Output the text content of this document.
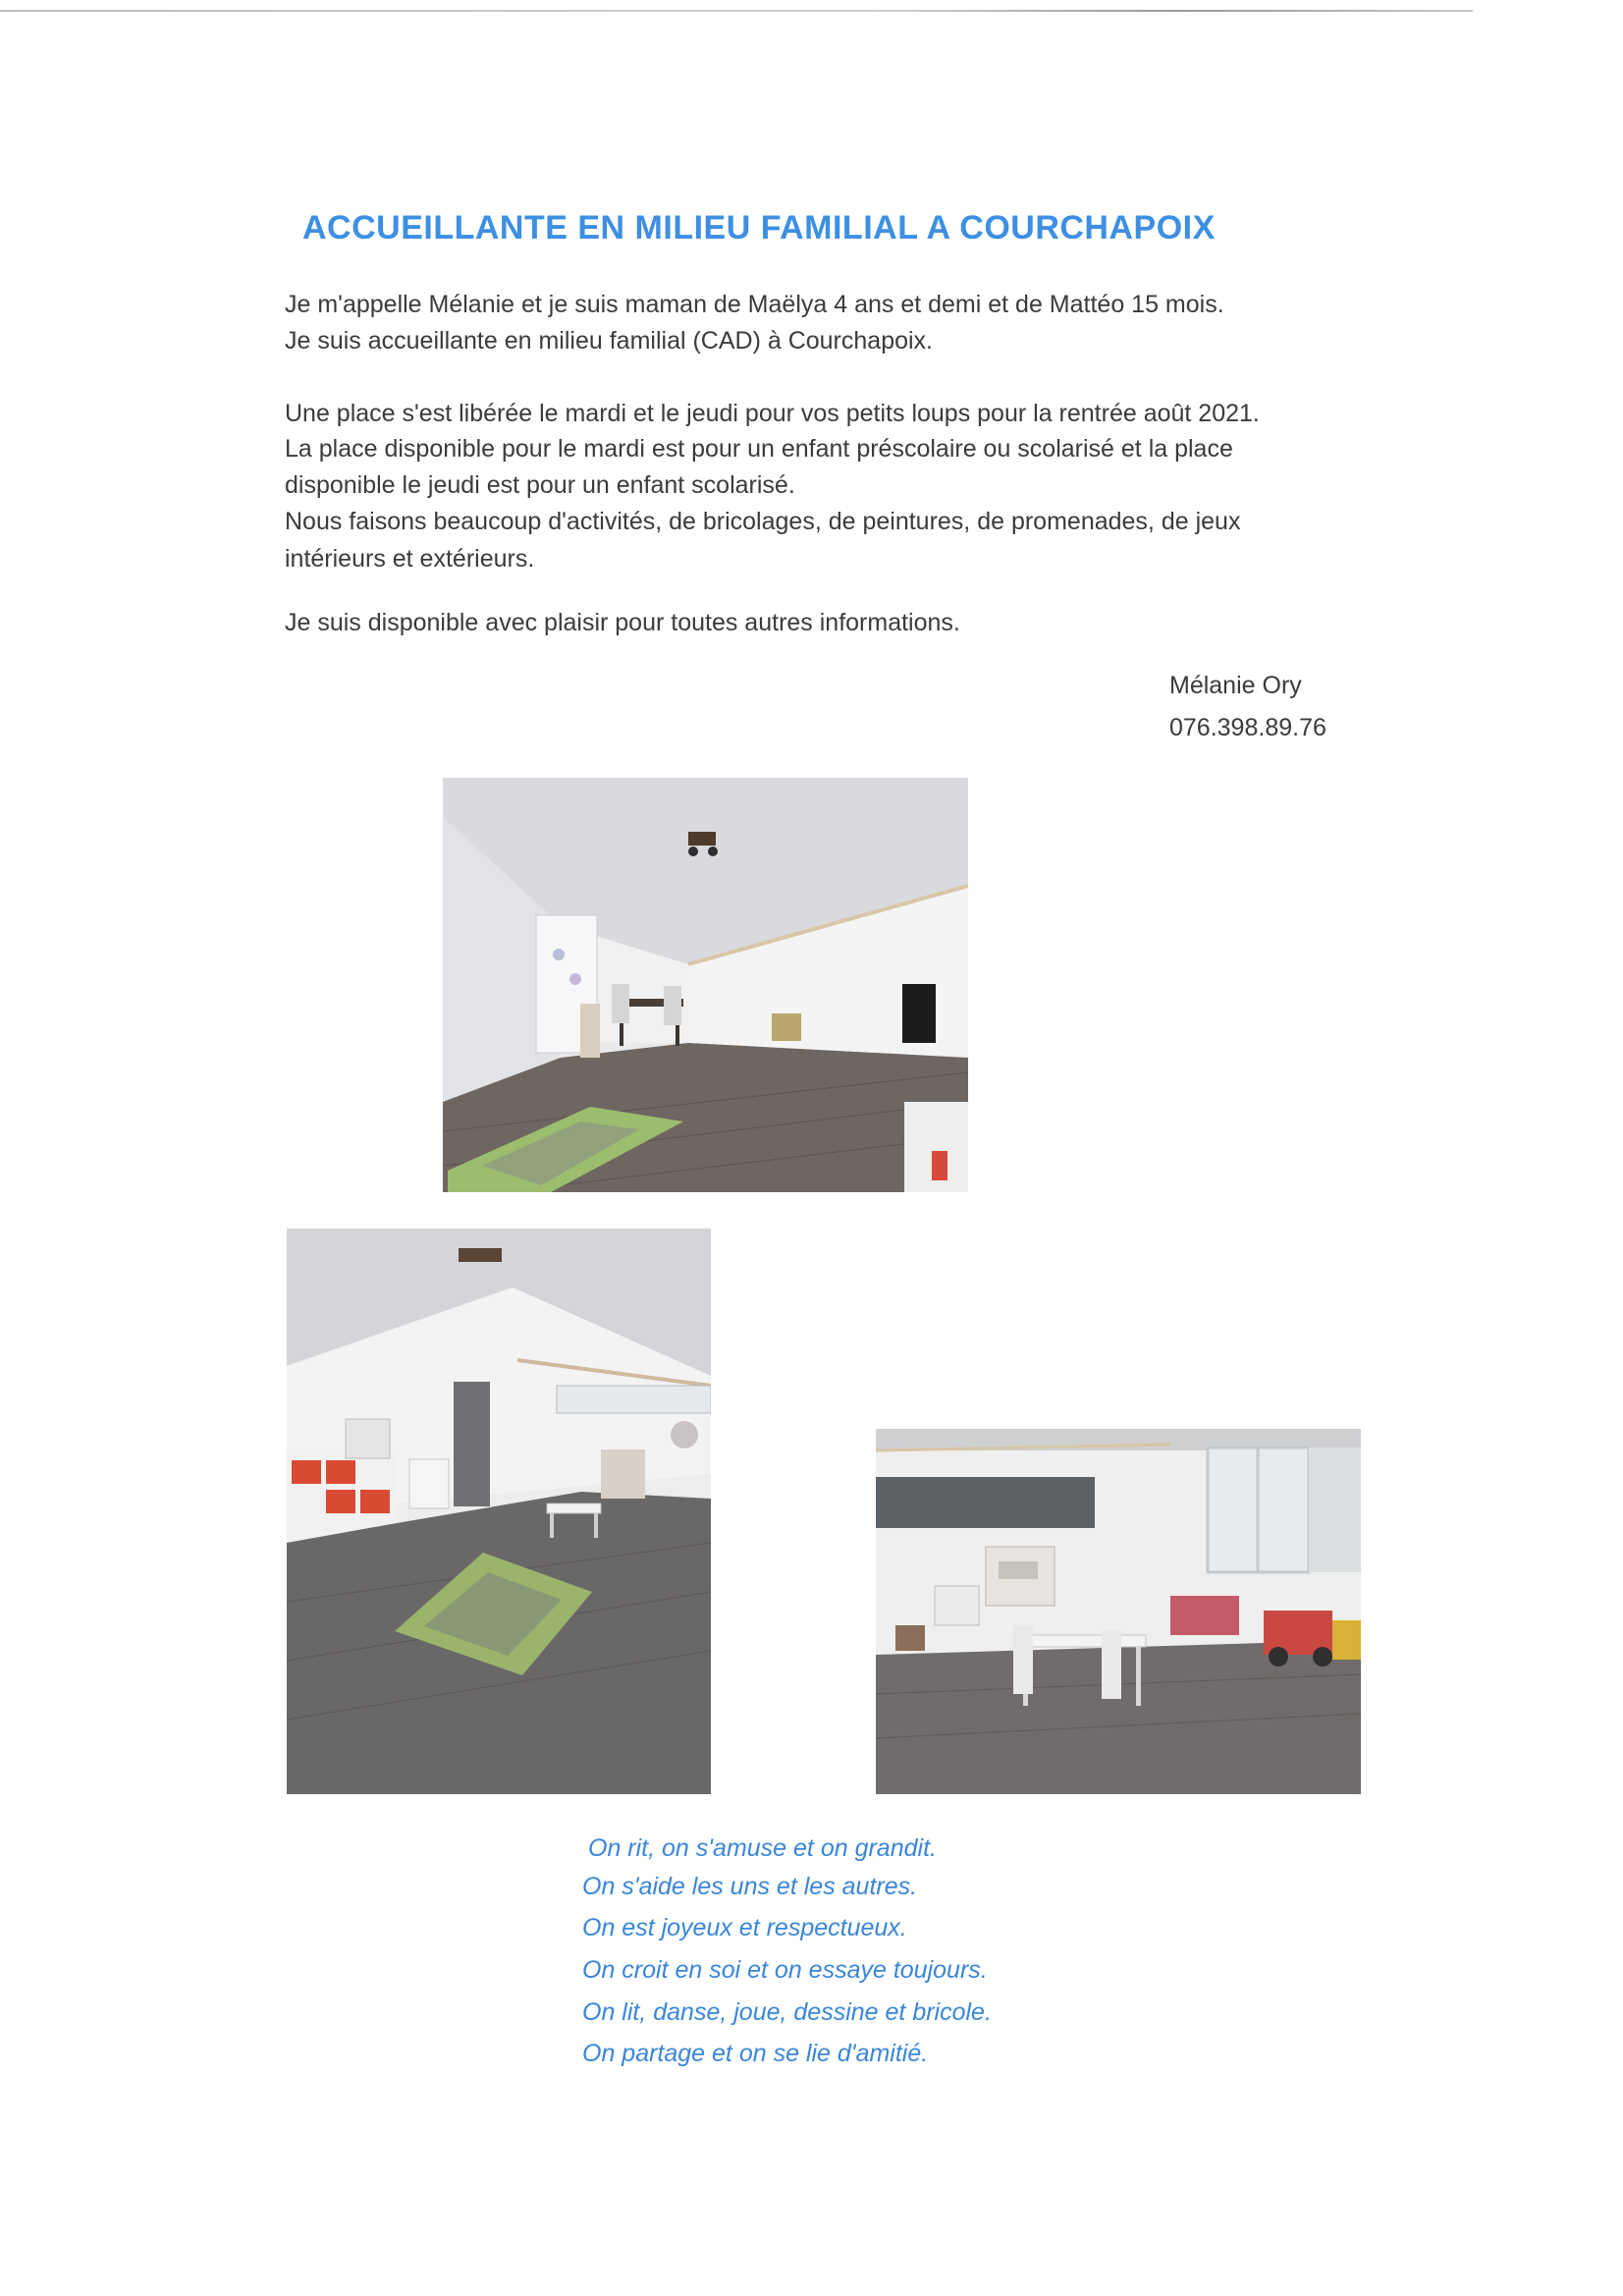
ACCUEILLANTE EN MILIEU FAMILIAL A COURCHAPOIX
Je m'appelle Mélanie et je suis maman de Maëlya 4 ans et demi et de Mattéo 15 mois.
Je suis accueillante en milieu familial (CAD) à Courchapoix.
Une place s'est libérée le mardi et le jeudi pour vos petits loups pour la rentrée août 2021.
La place disponible pour le mardi est pour un enfant préscolaire ou scolarisé et la place
disponible le jeudi est pour un enfant scolarisé.
Nous faisons beaucoup d'activités, de bricolages, de peintures, de promenades, de jeux
intérieurs et extérieurs.
Je suis disponible avec plaisir pour toutes autres informations.
Mélanie Ory
076.398.89.76
On rit, on s'amuse et on grandit.
On s'aide les uns et les autres.
On est joyeux et respectueux.
On croit en soi et on essaye toujours.
On lit, danse, joue, dessine et bricole.
On partage et on se lie d'amitié.
